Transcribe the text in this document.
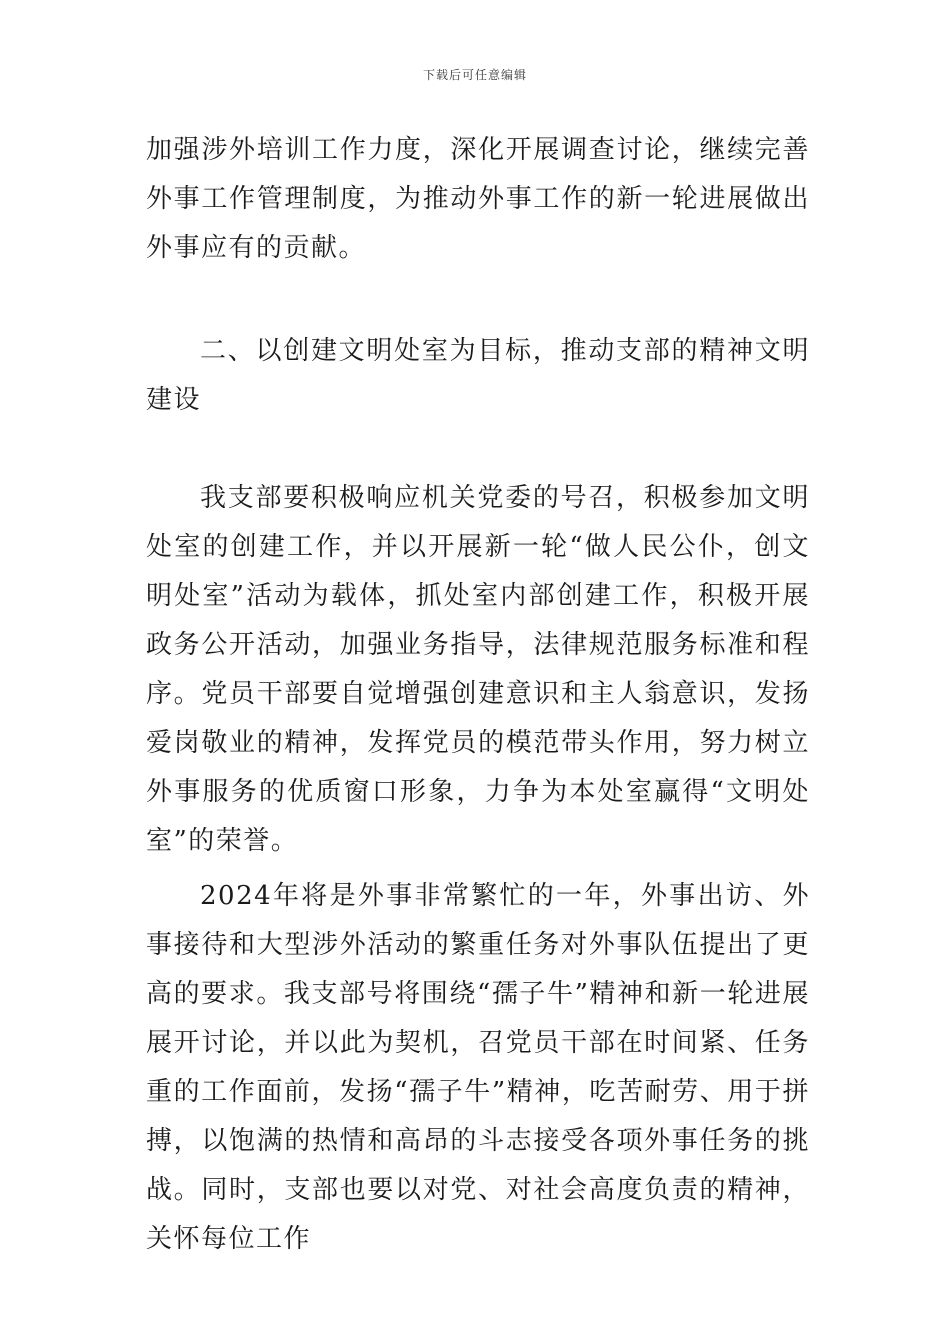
下载后可任意编辑

加强涉外培训工作力度，深化开展调查讨论，继续完善外事工作管理制度，为推动外事工作的新一轮进展做出外事应有的贡献。

二、以创建文明处室为目标，推动支部的精神文明建设

我支部要积极响应机关党委的号召，积极参加文明处室的创建工作，并以开展新一轮“做人民公仆，创文明处室”活动为载体，抓处室内部创建工作，积极开展政务公开活动，加强业务指导，法律规范服务标准和程序。党员干部要自觉增强创建意识和主人翁意识，发扬爱岗敬业的精神，发挥党员的模范带头作用，努力树立外事服务的优质窗口形象，力争为本处室赢得“文明处室”的荣誉。

2024年将是外事非常繁忙的一年，外事出访、外事接待和大型涉外活动的繁重任务对外事队伍提出了更高的要求。我支部号将围绕“孺子牛”精神和新一轮进展展开讨论，并以此为契机，召党员干部在时间紧、任务重的工作面前，发扬“孺子牛”精神，吃苦耐劳、用于拼搏，以饱满的热情和高昂的斗志接受各项外事任务的挑战。同时，支部也要以对党、对社会高度负责的精神，关怀每位工作
